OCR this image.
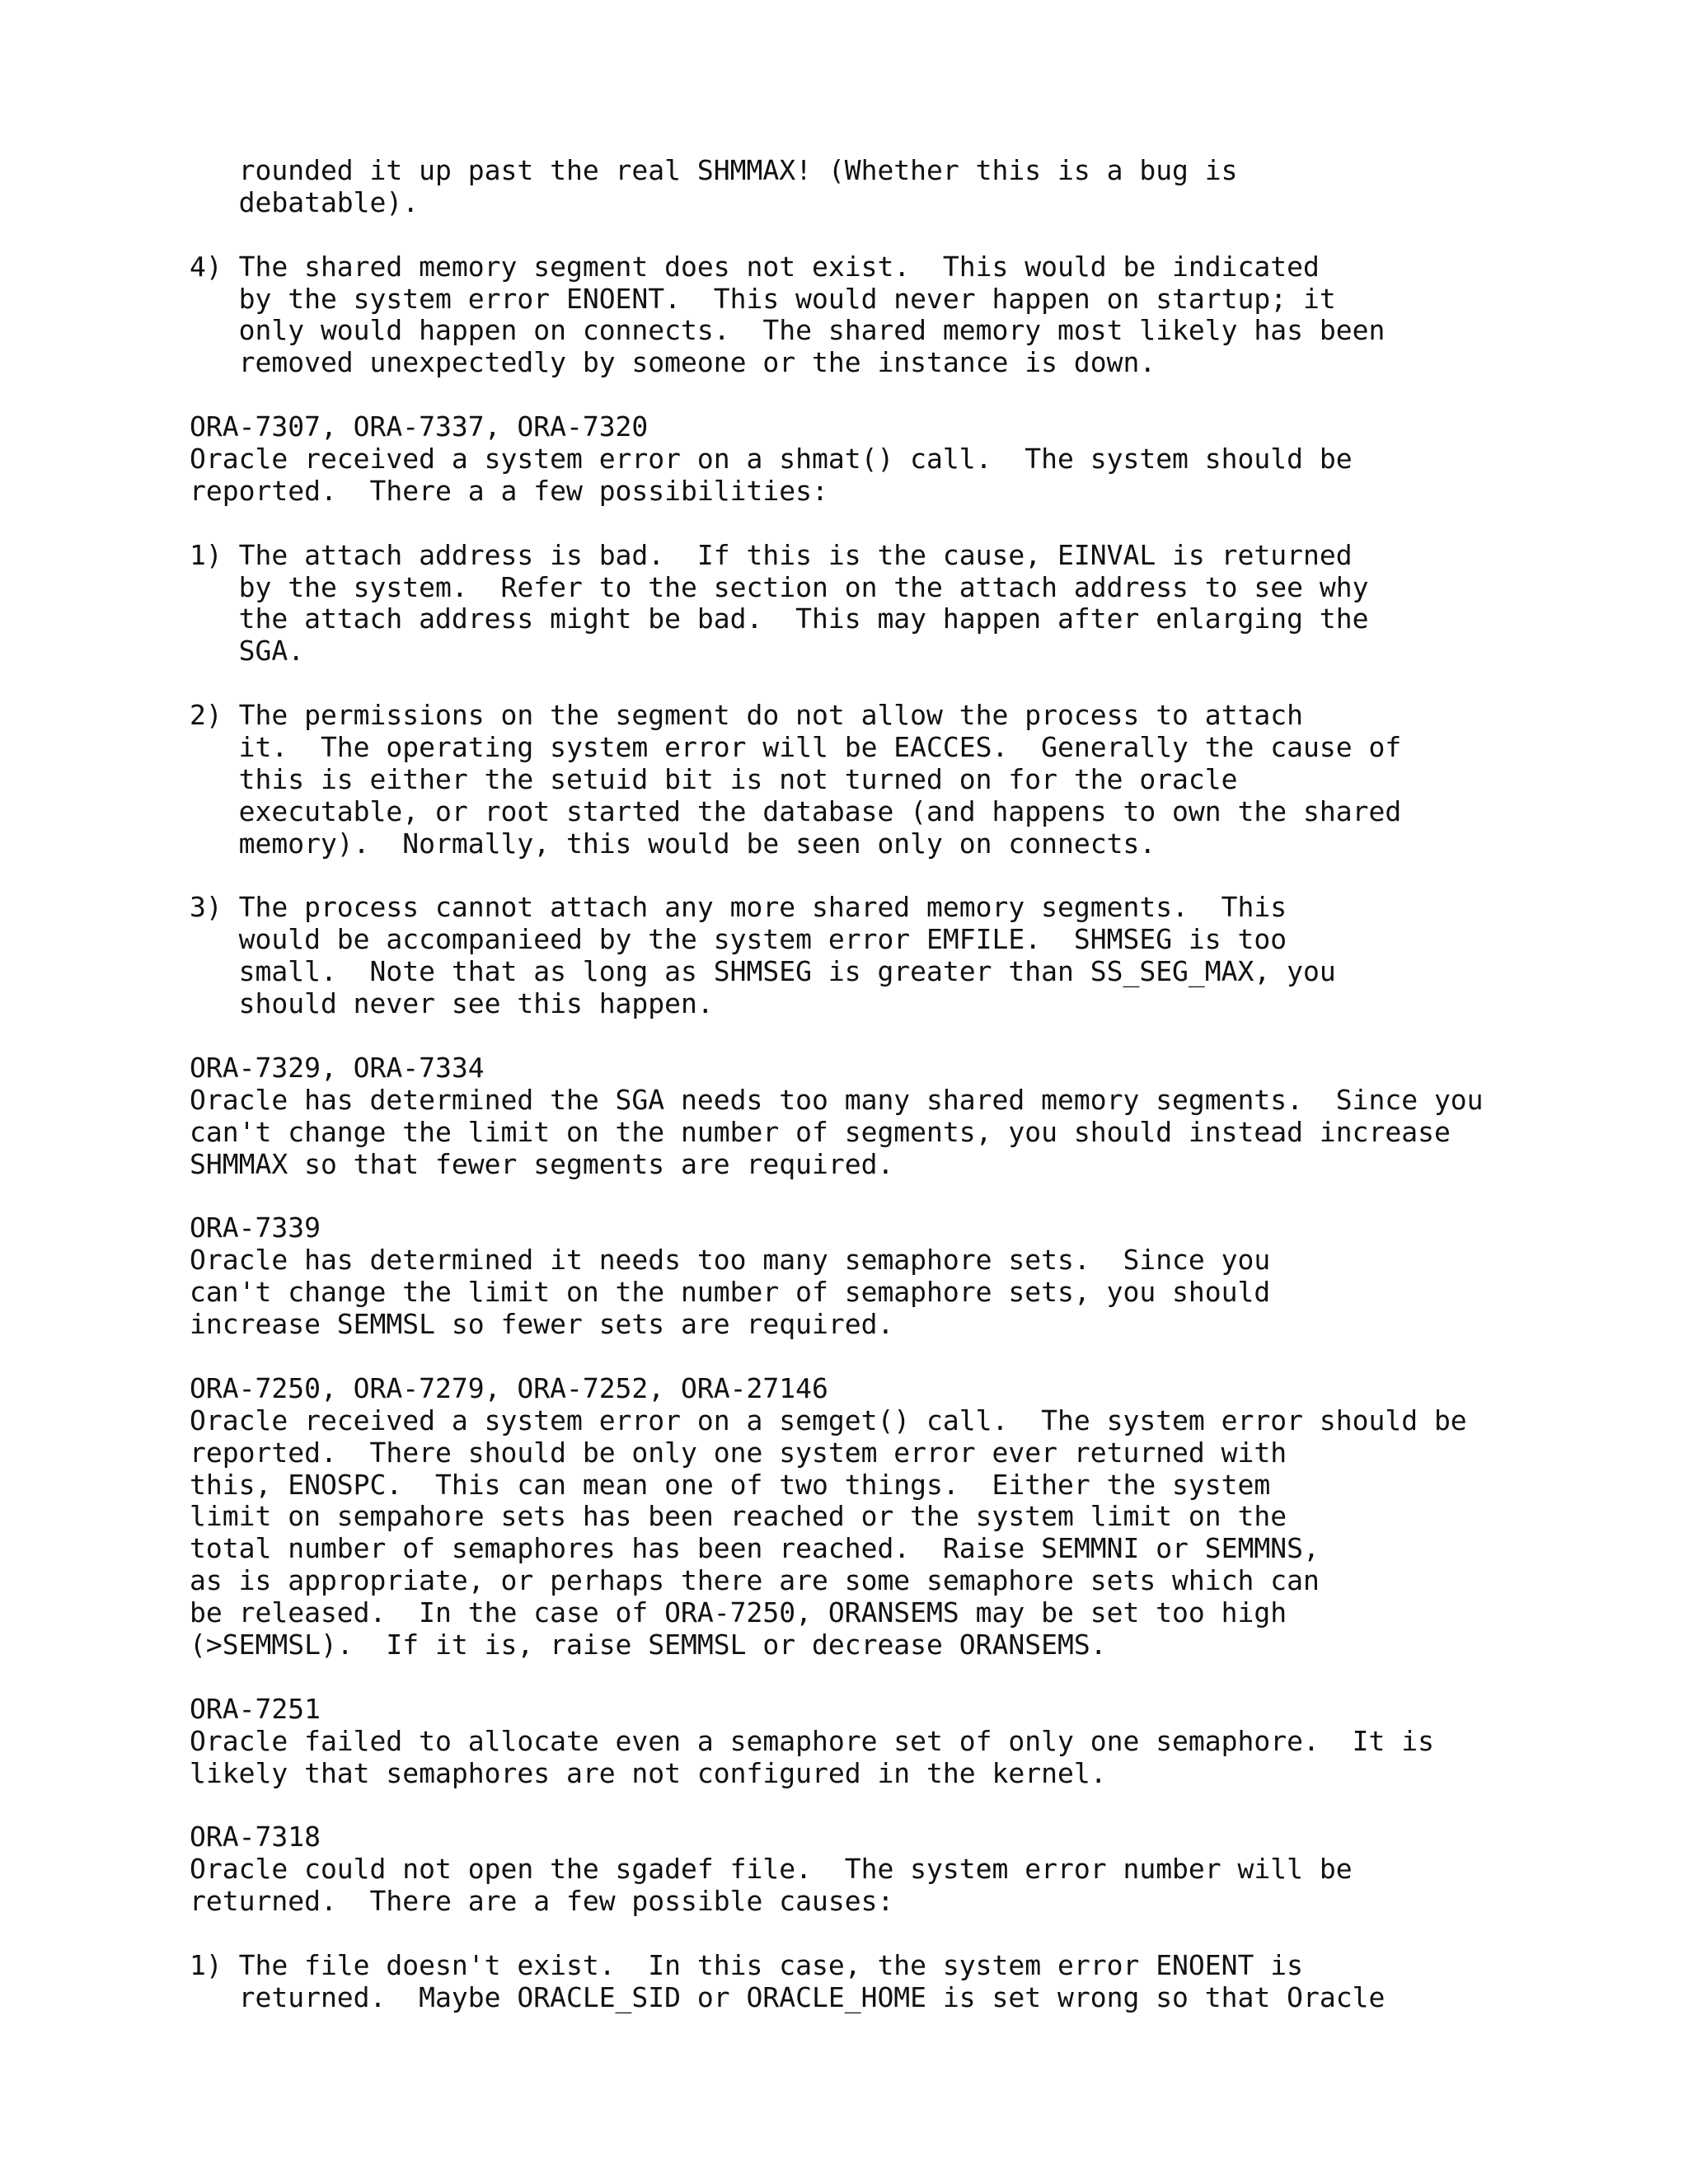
rounded it up past the real SHMMAX! (Whether this is a bug is
debatable).
4) The shared memory segment does not exist.  This would be indicated
by the system error ENOENT.  This would never happen on startup; it
only would happen on connects.  The shared memory most likely has been
removed unexpectedly by someone or the instance is down.
ORA-7307, ORA-7337, ORA-7320
Oracle received a system error on a shmat() call.  The system should be
reported.  There a a few possibilities:
1) The attach address is bad.  If this is the cause, EINVAL is returned
by the system.  Refer to the section on the attach address to see why
the attach address might be bad.  This may happen after enlarging the
SGA.
2) The permissions on the segment do not allow the process to attach
it.  The operating system error will be EACCES.  Generally the cause of
this is either the setuid bit is not turned on for the oracle
executable, or root started the database (and happens to own the shared
memory).  Normally, this would be seen only on connects.
3) The process cannot attach any more shared memory segments.  This
would be accompanieed by the system error EMFILE.  SHMSEG is too
small.  Note that as long as SHMSEG is greater than SS_SEG_MAX, you
should never see this happen.
ORA-7329, ORA-7334
Oracle has determined the SGA needs too many shared memory segments.  Since you
can't change the limit on the number of segments, you should instead increase
SHMMAX so that fewer segments are required.
ORA-7339
Oracle has determined it needs too many semaphore sets.  Since you
can't change the limit on the number of semaphore sets, you should
increase SEMMSL so fewer sets are required.
ORA-7250, ORA-7279, ORA-7252, ORA-27146
Oracle received a system error on a semget() call.  The system error should be
reported.  There should be only one system error ever returned with
this, ENOSPC.  This can mean one of two things.  Either the system
limit on sempahore sets has been reached or the system limit on the
total number of semaphores has been reached.  Raise SEMMNI or SEMMNS,
as is appropriate, or perhaps there are some semaphore sets which can
be released.  In the case of ORA-7250, ORANSEMS may be set too high
(>SEMMSL).  If it is, raise SEMMSL or decrease ORANSEMS.
ORA-7251
Oracle failed to allocate even a semaphore set of only one semaphore.  It is
likely that semaphores are not configured in the kernel.
ORA-7318
Oracle could not open the sgadef file.  The system error number will be
returned.  There are a few possible causes:
1) The file doesn't exist.  In this case, the system error ENOENT is
returned.  Maybe ORACLE_SID or ORACLE_HOME is set wrong so that Oracle
